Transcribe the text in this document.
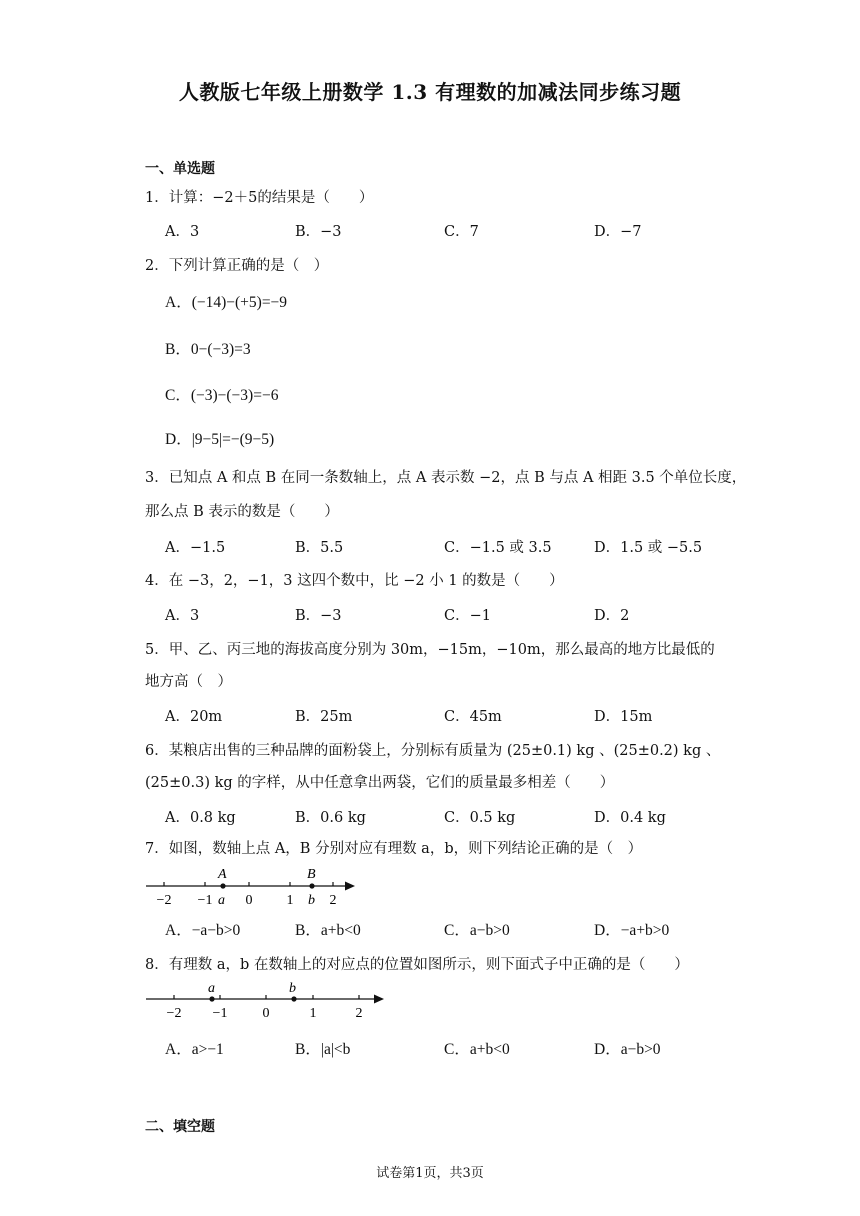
人教版七年级上册数学 1.3 有理数的加减法同步练习题
一、单选题
1．计算：−2＋5的结果是（　　）
A．3	B．−3	C．7	D．−7
2．下列计算正确的是（　）
A．(−14)−(+5)=−9
B．0−(−3)=3
C．(−3)−(−3)=−6
D．|9−5|=−(9−5)
3．已知点 A 和点 B 在同一条数轴上，点 A 表示数 −2，点 B 与点 A 相距 3.5 个单位长度，
那么点 B 表示的数是（　　）
A．−1.5	B．5.5	C．−1.5 或 3.5	D．1.5 或 −5.5
4．在 −3，2，−1，3 这四个数中，比 −2 小 1 的数是（　　）
A．3	B．−3	C．−1	D．2
5．甲、乙、丙三地的海拔高度分别为 30m，−15m，−10m，那么最高的地方比最低的
地方高（　）
A．20m	B．25m	C．45m	D．15m
6．某粮店出售的三种品牌的面粉袋上，分别标有质量为 (25±0.1) kg 、(25±0.2) kg 、
(25±0.3) kg 的字样，从中任意拿出两袋，它们的质量最多相差（　　）
A．0.8 kg	B．0.6 kg	C．0.5 kg	D．0.4 kg
7．如图，数轴上点 A，B 分别对应有理数 a，b，则下列结论正确的是（　）
−2 −1 0 1	2
A
a
B
b
A．−a−b>0	B．a+b<0	C．a−b>0	D．−a+b>0
8．有理数 a，b 在数轴上的对应点的位置如图所示，则下面式子中正确的是（　　）
−2 −1	0	1	2
a	b
A．a>−1	B．|a|<b	C．a+b<0	D．a−b>0
二、填空题
试卷第1页，共3页
